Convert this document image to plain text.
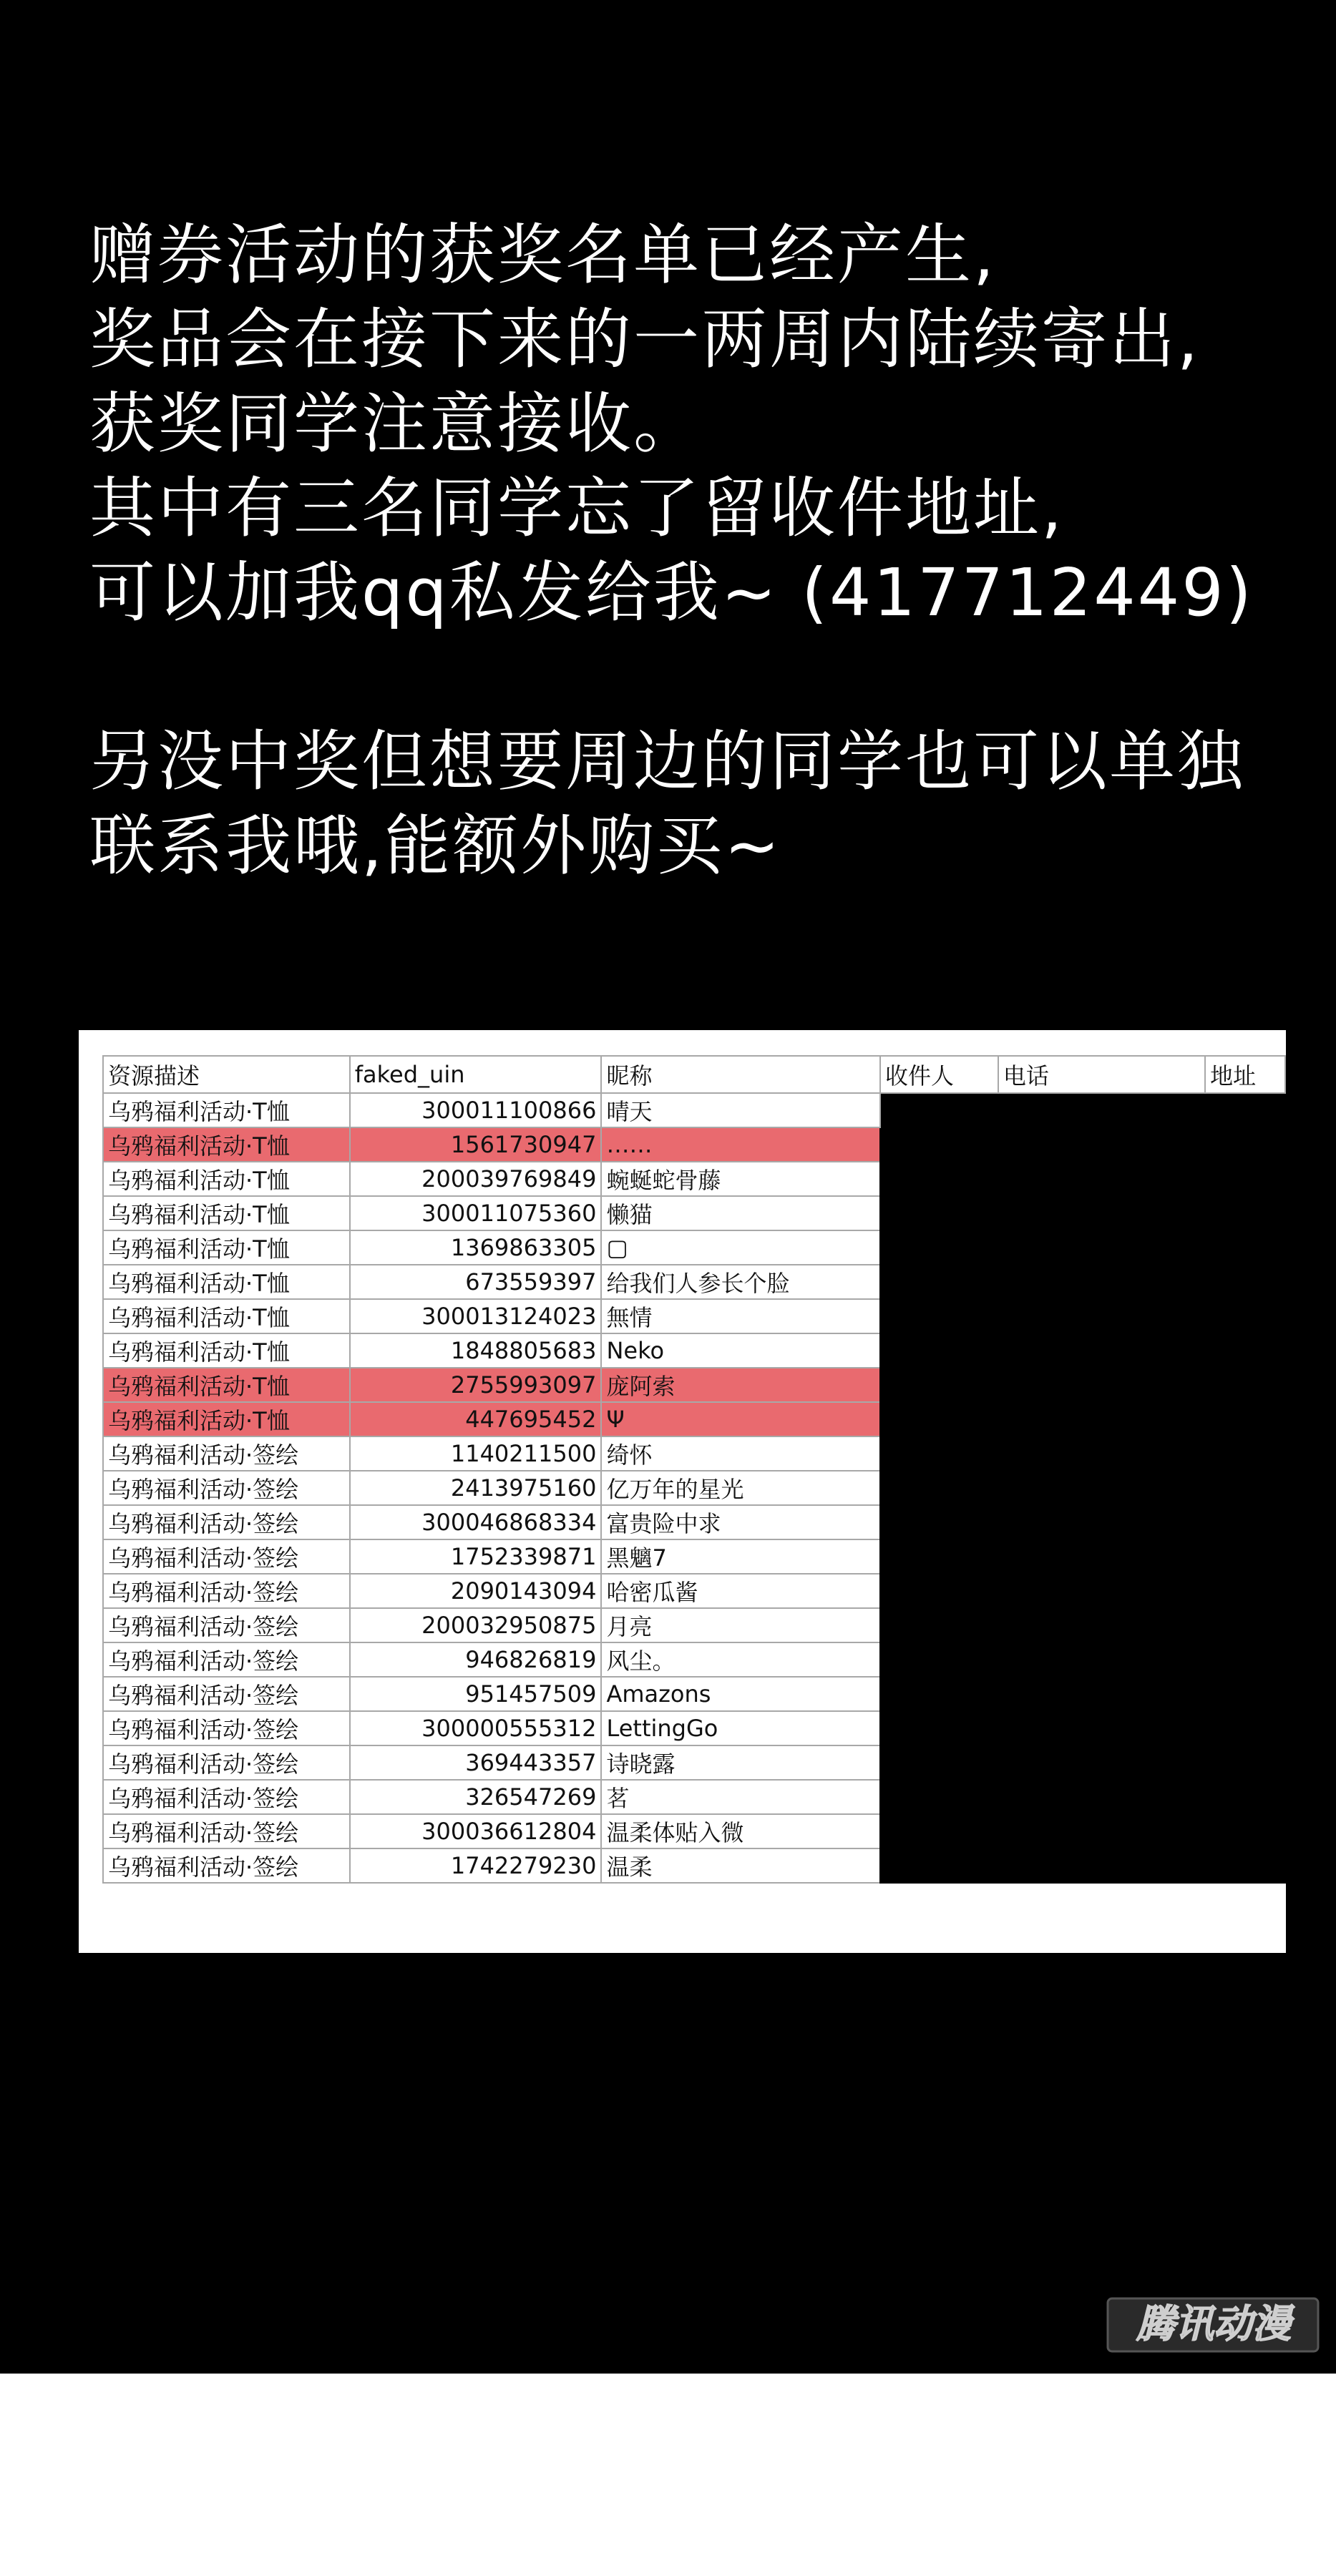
赠券活动的获奖名单已经产生,
奖品会在接下来的一两周内陆续寄出,
获奖同学注意接收。
其中有三名同学忘了留收件地址,
可以加我qq私发给我~ (417712449)
另没中奖但想要周边的同学也可以单独
联系我哦,能额外购买~
资源描述	faked_uin	昵称	收件人	电话	地址
乌鸦福利活动·T恤	300011100866	晴天			
乌鸦福利活动·T恤	1561730947	……			
乌鸦福利活动·T恤	200039769849	蜿蜒蛇骨藤			
乌鸦福利活动·T恤	300011075360	懒猫			
乌鸦福利活动·T恤	1369863305	▢			
乌鸦福利活动·T恤	673559397	给我们人参长个脸			
乌鸦福利活动·T恤	300013124023	無情			
乌鸦福利活动·T恤	1848805683	Neko			
乌鸦福利活动·T恤	2755993097	庞阿索			
乌鸦福利活动·T恤	447695452	Ψ			
乌鸦福利活动·签绘	1140211500	绮怀			
乌鸦福利活动·签绘	2413975160	亿万年的星光			
乌鸦福利活动·签绘	300046868334	富贵险中求			
乌鸦福利活动·签绘	1752339871	黑魑7			
乌鸦福利活动·签绘	2090143094	哈密瓜酱			
乌鸦福利活动·签绘	200032950875	月亮			
乌鸦福利活动·签绘	946826819	风尘。			
乌鸦福利活动·签绘	951457509	Amazons			
乌鸦福利活动·签绘	300000555312	LettingGo			
乌鸦福利活动·签绘	369443357	诗晓露			
乌鸦福利活动·签绘	326547269	茗			
乌鸦福利活动·签绘	300036612804	温柔体贴入微			
乌鸦福利活动·签绘	1742279230	温柔			
腾讯动漫
